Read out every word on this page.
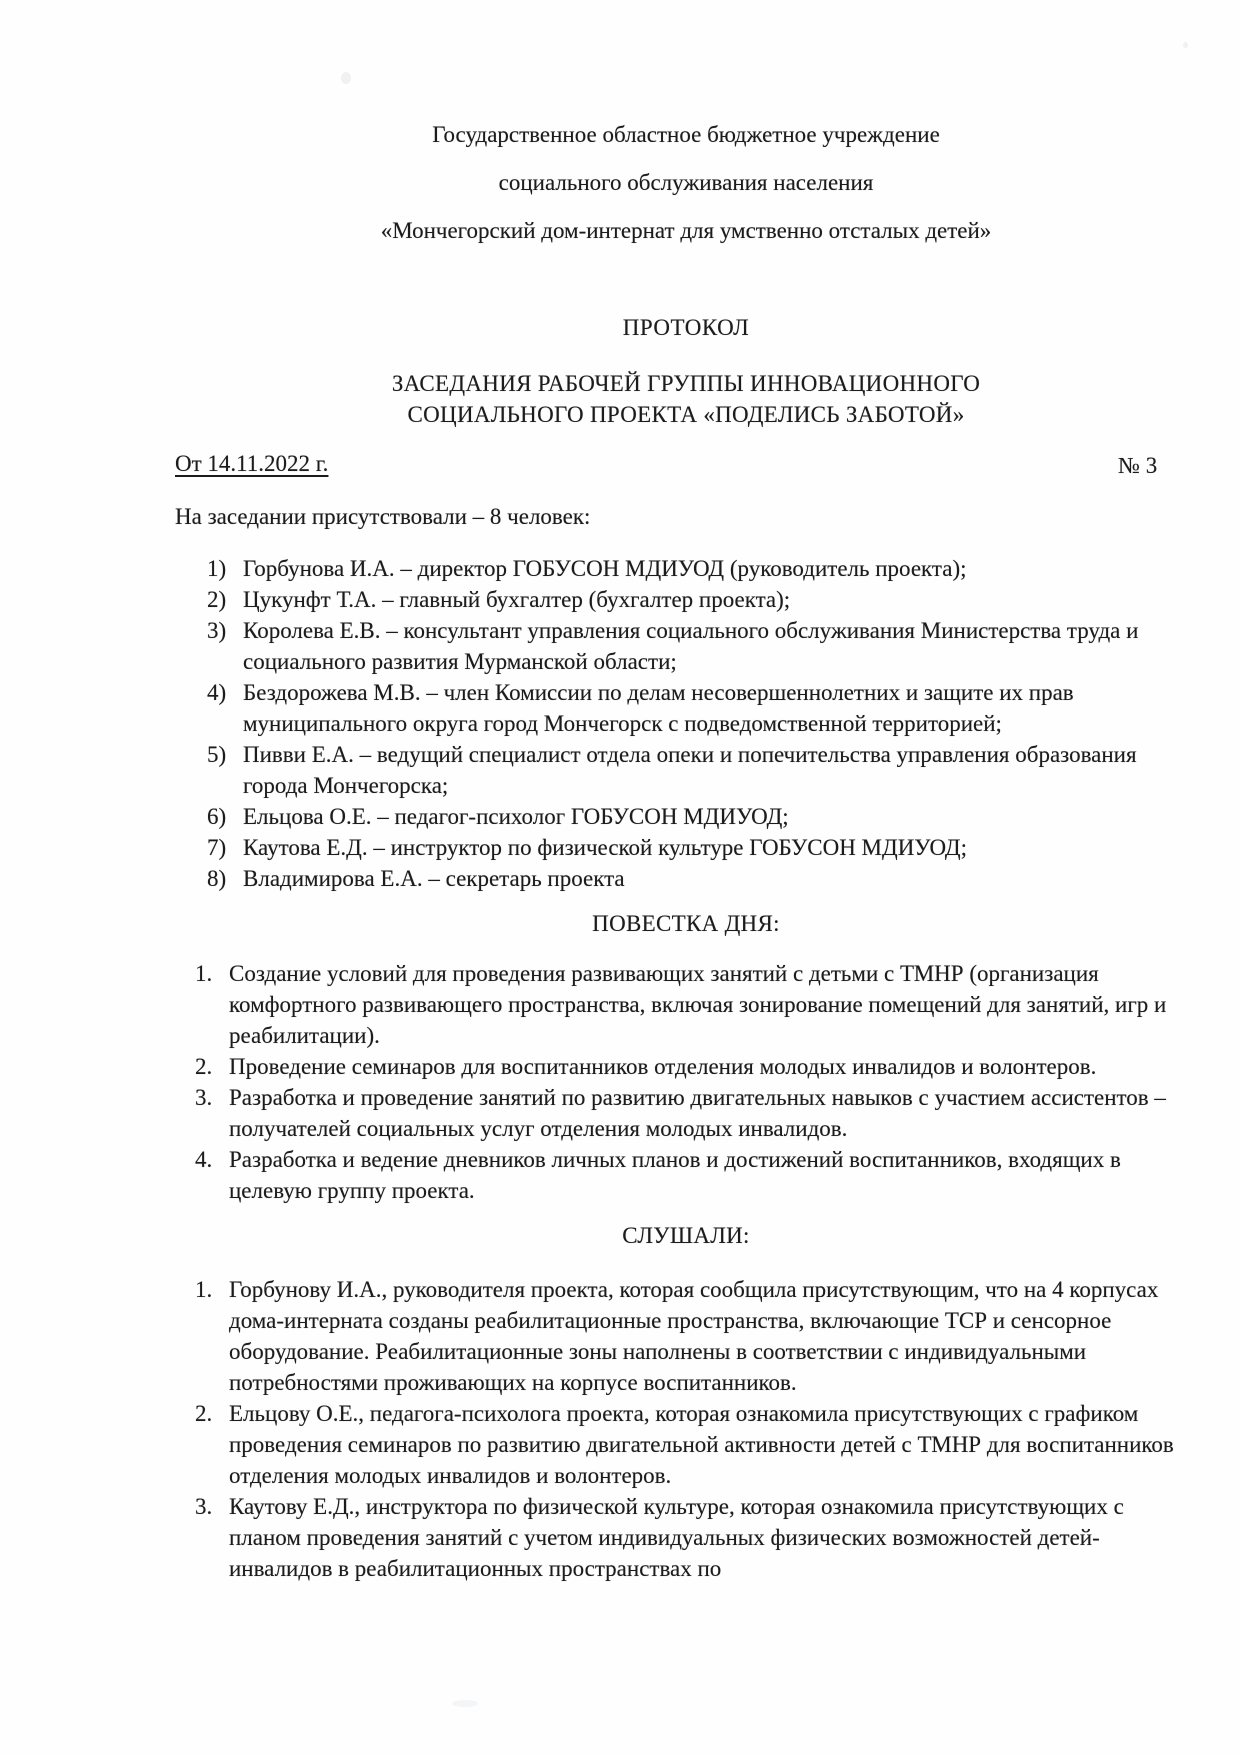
Государственное областное бюджетное учреждение
социального обслуживания населения
«Мончегорский дом-интернат для умственно отсталых детей»
ПРОТОКОЛ
ЗАСЕДАНИЯ РАБОЧЕЙ ГРУППЫ ИННОВАЦИОННОГО
СОЦИАЛЬНОГО ПРОЕКТА «ПОДЕЛИСЬ ЗАБОТОЙ»
От 14.11.2022 г.
На заседании присутствовали – 8 человек:
1) Горбунова И.А. – директор ГОБУСОН МДИУОД (руководитель проекта);
2) Цукунфт Т.А. – главный бухгалтер (бухгалтер проекта);
3) Королева Е.В. – консультант управления социального обслуживания Министерства труда и социального развития Мурманской области;
4) Бездорожева М.В. – член Комиссии по делам несовершеннолетних и защите их прав муниципального округа город Мончегорск с подведомственной территорией;
5) Пивви Е.А. – ведущий специалист отдела опеки и попечительства управления образования города Мончегорска;
6) Ельцова О.Е. – педагог-психолог ГОБУСОН МДИУОД;
7) Каутова Е.Д. – инструктор по физической культуре ГОБУСОН МДИУОД;
8) Владимирова Е.А. – секретарь проекта
ПОВЕСТКА ДНЯ:
1. Создание условий для проведения развивающих занятий с детьми с ТМНР (организация комфортного развивающего пространства, включая зонирование помещений для занятий, игр и реабилитации).
2. Проведение семинаров для воспитанников отделения молодых инвалидов и волонтеров.
3. Разработка и проведение занятий по развитию двигательных навыков с участием ассистентов – получателей социальных услуг отделения молодых инвалидов.
4. Разработка и ведение дневников личных планов и достижений воспитанников, входящих в целевую группу проекта.
СЛУШАЛИ:
1. Горбунову И.А., руководителя проекта, которая сообщила присутствующим, что на 4 корпусах дома-интерната созданы реабилитационные пространства, включающие ТСР и сенсорное оборудование. Реабилитационные зоны наполнены в соответствии с индивидуальными потребностями проживающих на корпусе воспитанников.
2. Ельцову О.Е., педагога-психолога проекта, которая ознакомила присутствующих с графиком проведения семинаров по развитию двигательной активности детей с ТМНР для воспитанников отделения молодых инвалидов и волонтеров.
3. Каутову Е.Д., инструктора по физической культуре, которая ознакомила присутствующих с планом проведения занятий с учетом индивидуальных физических возможностей детей-инвалидов в реабилитационных пространствах по
№ 3
